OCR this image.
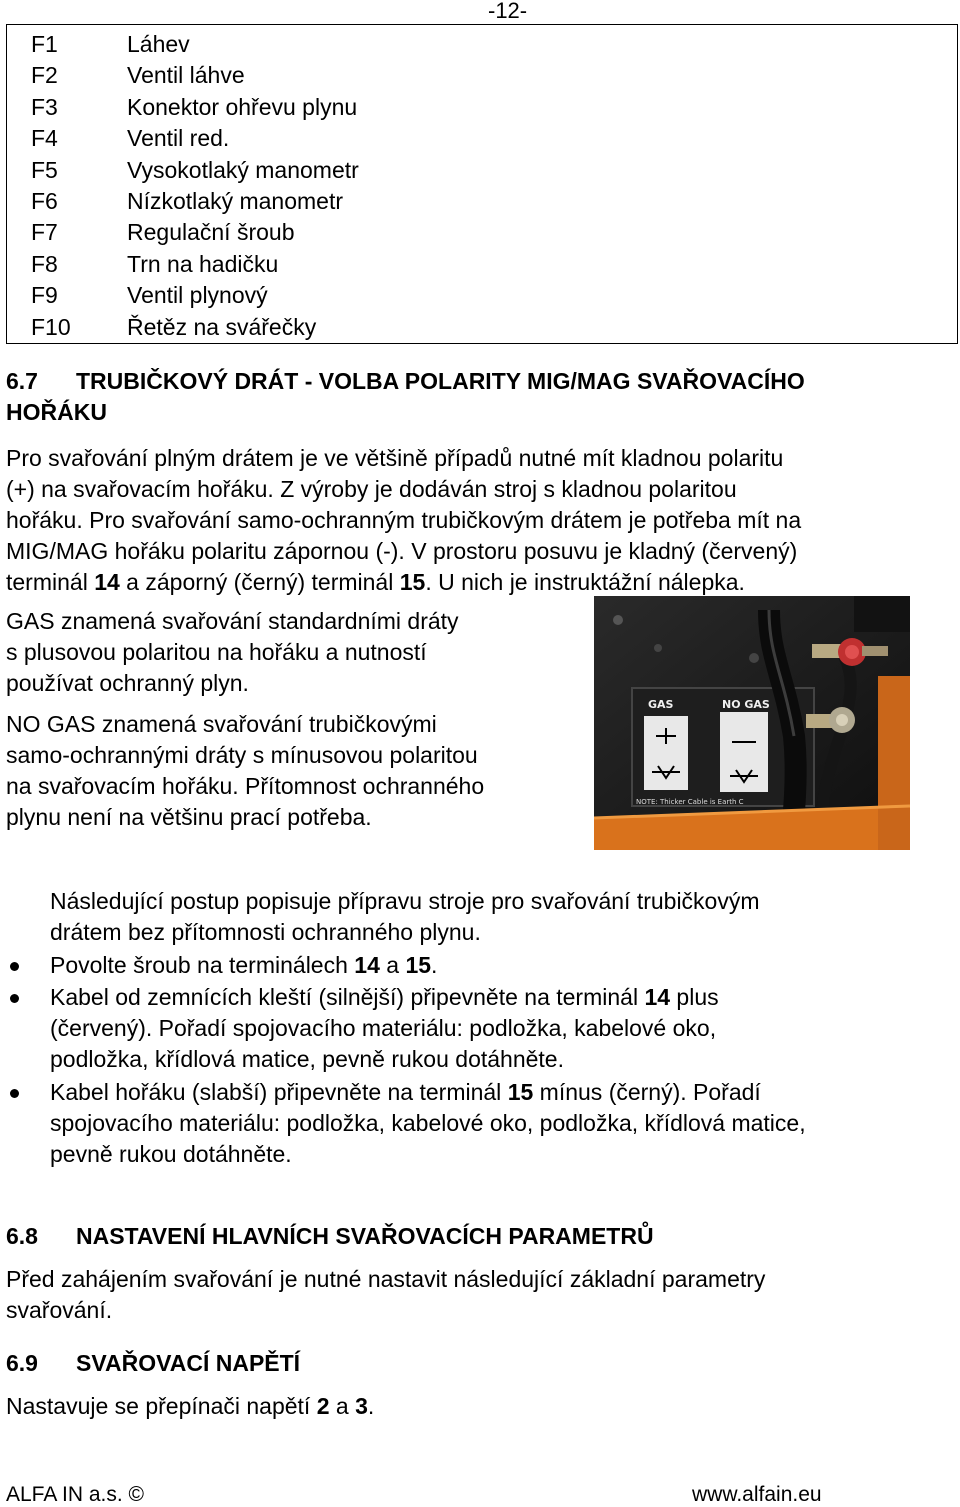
-12-
F1	Láhev
F2	Ventil láhve
F3	Konektor ohřevu plynu
F4	Ventil red.
F5	Vysokotlaký manometr
F6	Nízkotlaký manometr
F7	Regulační šroub
F8	Trn na hadičku
F9	Ventil plynový
F10 Řetěz na svářečky
6.7 TRUBIČKOVÝ DRÁT - VOLBA POLARITY MIG/MAG SVAŘOVACÍHO
HOŘÁKU
Pro svařování plným drátem je ve většině případů nutné mít kladnou polaritu
(+) na svařovacím hořáku. Z výroby je dodáván stroj s kladnou polaritou
hořáku. Pro svařování samo-ochranným trubičkovým drátem je potřeba mít na
MIG/MAG hořáku polaritu zápornou (-). V prostoru posuvu je kladný (červený)
terminál 14 a záporný (černý) terminál 15. U nich je instruktážní nálepka.
GAS znamená svařování standardními dráty
s plusovou polaritou na hořáku a nutností
používat ochranný plyn.
NO GAS znamená svařování trubičkovými
samo-ochrannými dráty s mínusovou polaritou
na svařovacím hořáku. Přítomnost ochranného
plynu není na většinu prací potřeba.
GAS	NO GAS
NOTE: Thicker Cable is Earth C
Následující postup popisuje přípravu stroje pro svařování trubičkovým
drátem bez přítomnosti ochranného plynu.
Povolte šroub na terminálech 14 a 15.
Kabel od zemnících kleští (silnější) připevněte na terminál 14 plus
(červený). Pořadí spojovacího materiálu: podložka, kabelové oko,
podložka, křídlová matice, pevně rukou dotáhněte.
Kabel hořáku (slabší) připevněte na terminál 15 mínus (černý). Pořadí
spojovacího materiálu: podložka, kabelové oko, podložka, křídlová matice,
pevně rukou dotáhněte.
6.8 NASTAVENÍ HLAVNÍCH SVAŘOVACÍCH PARAMETRŮ
Před zahájením svařování je nutné nastavit následující základní parametry
svařování.
6.9 SVAŘOVACÍ NAPĚTÍ
Nastavuje se přepínači napětí 2 a 3.
ALFA IN a.s. ©	www.alfain.eu
